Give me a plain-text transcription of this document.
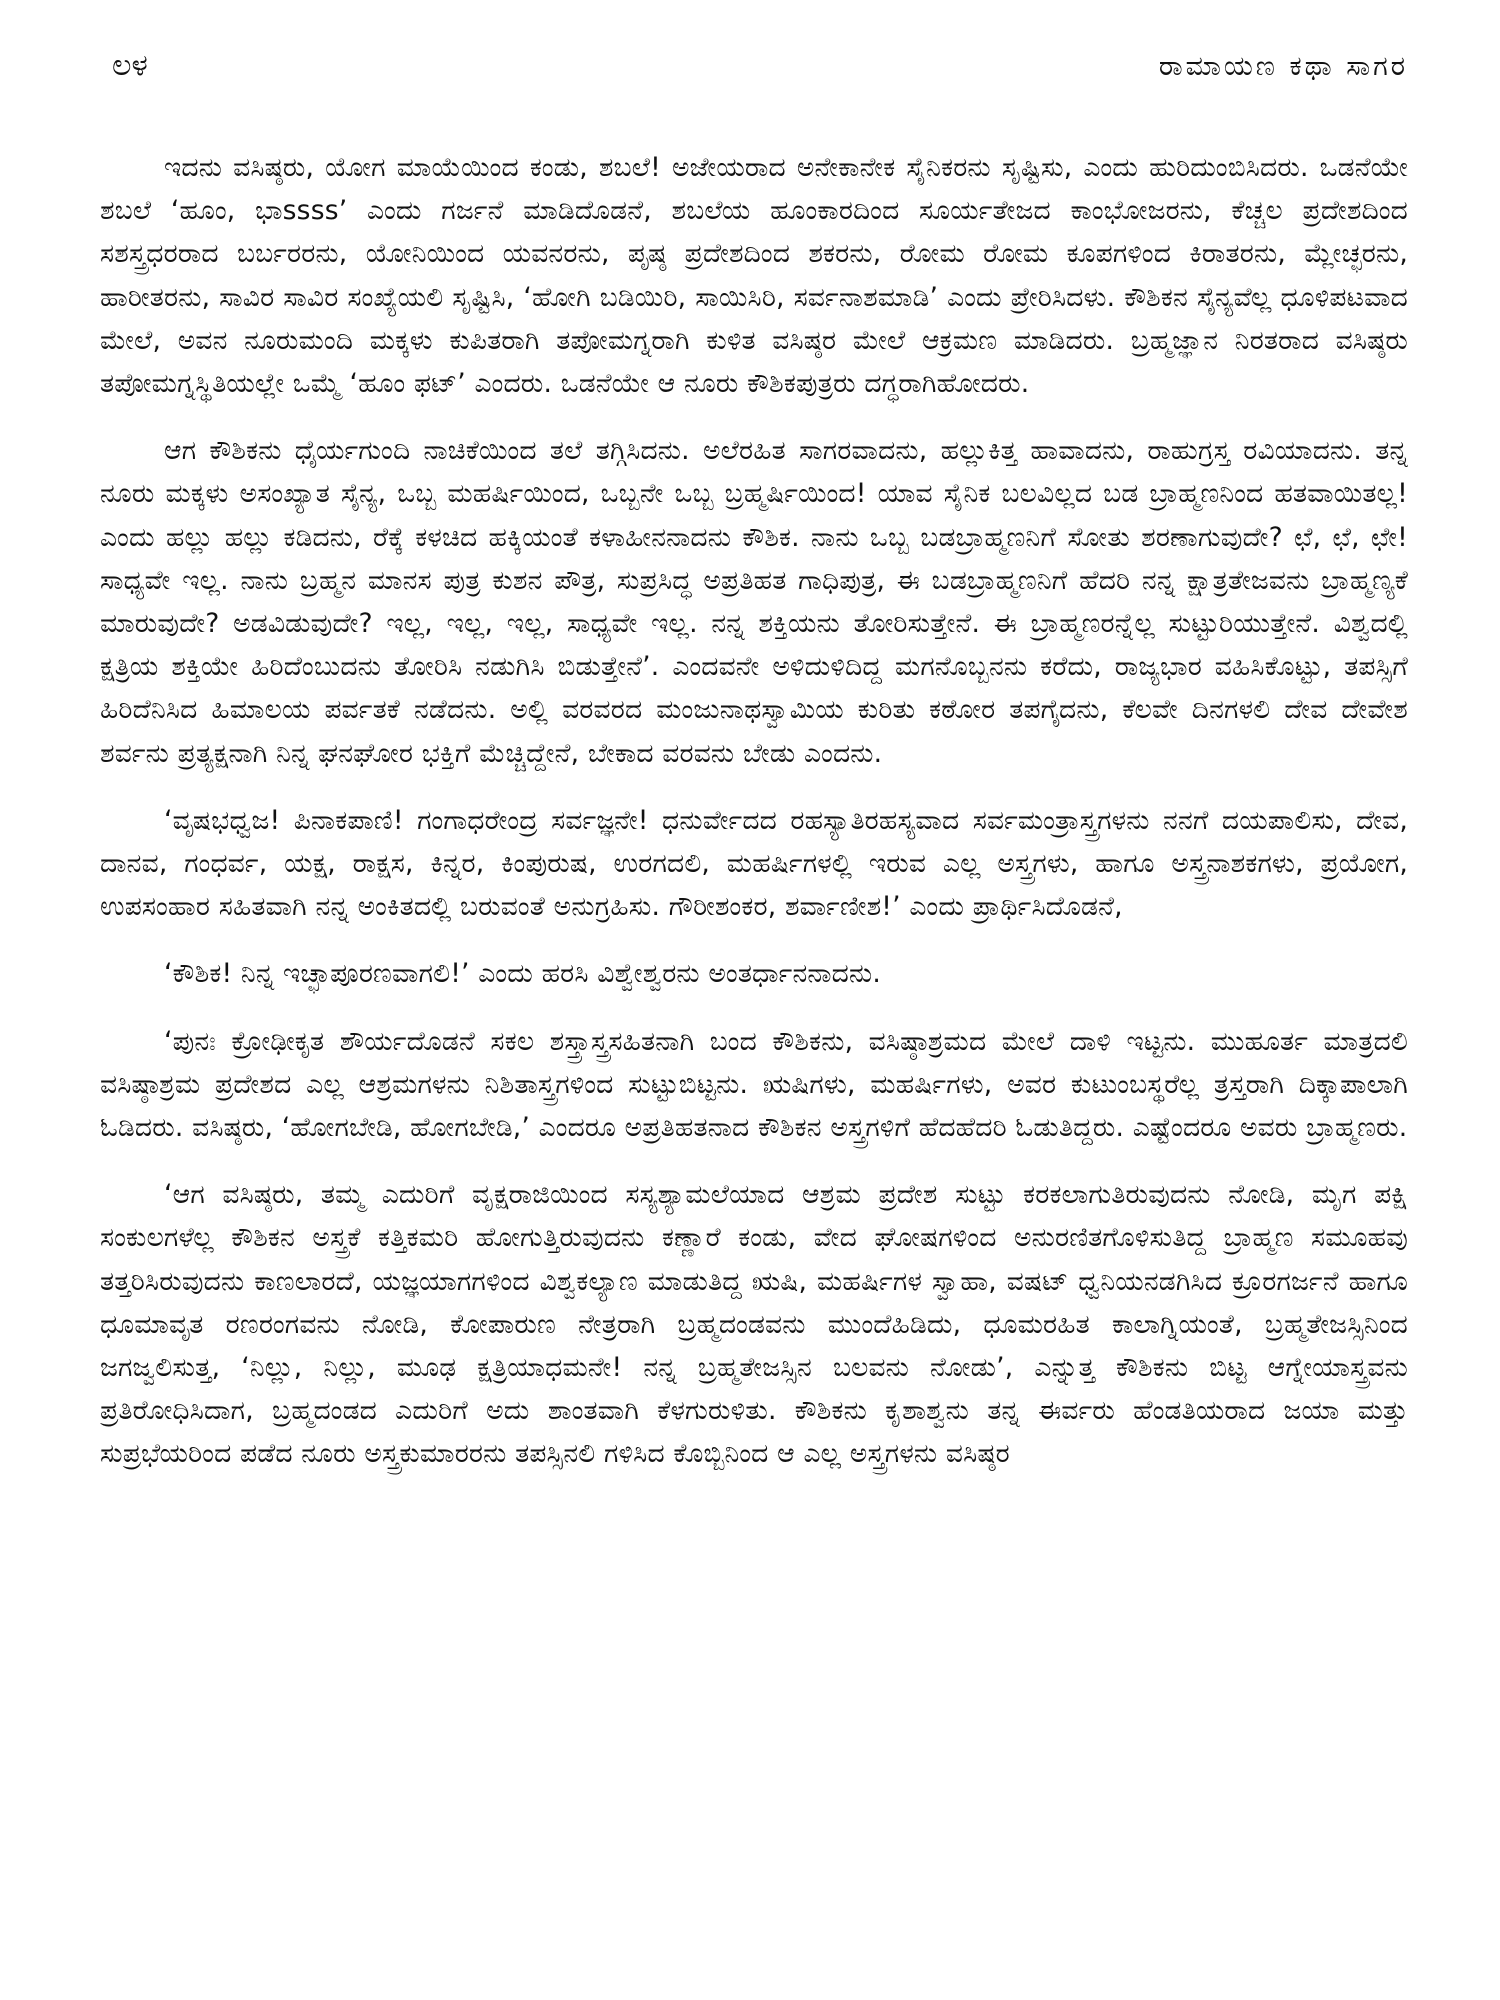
ಲಳ	ರಾಮಾಯಣ ಕಥಾ ಸಾಗರ

ಇದನು ವಸಿಷ್ಠರು, ಯೋಗ ಮಾಯೆಯಿಂದ ಕಂಡು, ಶಬಲೆ! ಅಜೇಯರಾದ ಅನೇಕಾನೇಕ ಸೈನಿಕರನು ಸೃಷ್ಟಿಸು, ಎಂದು ಹುರಿದುಂಬಿಸಿದರು. ಒಡನೆಯೇ ಶಬಲೆ ‘ಹೂಂ, ಭಾssss’ ಎಂದು ಗರ್ಜನೆ ಮಾಡಿದೊಡನೆ, ಶಬಲೆಯ ಹೂಂಕಾರದಿಂದ ಸೂರ್ಯತೇಜದ ಕಾಂಭೋಜರನು, ಕೆಚ್ಚಲ ಪ್ರದೇಶದಿಂದ ಸಶಸ್ತ್ರಧರರಾದ ಬರ್ಬರರನು, ಯೋನಿಯಿಂದ ಯವನರನು, ಪೃಷ್ಠ ಪ್ರದೇಶದಿಂದ ಶಕರನು, ರೋಮ ರೋಮ ಕೂಪಗಳಿಂದ ಕಿರಾತರನು, ಮ್ಲೇಚ್ಛರನು, ಹಾರೀತರನು, ಸಾವಿರ ಸಾವಿರ ಸಂಖ್ಯೆಯಲಿ ಸೃಷ್ಟಿಸಿ, ‘ಹೋಗಿ ಬಡಿಯಿರಿ, ಸಾಯಿಸಿರಿ, ಸರ್ವನಾಶಮಾಡಿ’ ಎಂದು ಪ್ರೇರಿಸಿದಳು. ಕೌಶಿಕನ ಸೈನ್ಯವೆಲ್ಲ ಧೂಳಿಪಟವಾದ ಮೇಲೆ, ಅವನ ನೂರುಮಂದಿ ಮಕ್ಕಳು ಕುಪಿತರಾಗಿ ತಪೋಮಗ್ನರಾಗಿ ಕುಳಿತ ವಸಿಷ್ಠರ ಮೇಲೆ ಆಕ್ರಮಣ ಮಾಡಿದರು. ಬ್ರಹ್ಮಜ್ಞಾನ ನಿರತರಾದ ವಸಿಷ್ಠರು ತಪೋಮಗ್ನಸ್ಥಿತಿಯಲ್ಲೇ ಒಮ್ಮೆ ‘ಹೂಂ ಫಟ್’ ಎಂದರು. ಒಡನೆಯೇ ಆ ನೂರು ಕೌಶಿಕಪುತ್ರರು ದಗ್ಧರಾಗಿಹೋದರು.

ಆಗ ಕೌಶಿಕನು ಧೈರ್ಯಗುಂದಿ ನಾಚಿಕೆಯಿಂದ ತಲೆ ತಗ್ಗಿಸಿದನು. ಅಲೆರಹಿತ ಸಾಗರವಾದನು, ಹಲ್ಲುಕಿತ್ತ ಹಾವಾದನು, ರಾಹುಗ್ರಸ್ತ ರವಿಯಾದನು. ತನ್ನ ನೂರು ಮಕ್ಕಳು ಅಸಂಖ್ಯಾತ ಸೈನ್ಯ, ಒಬ್ಬ ಮಹರ್ಷಿಯಿಂದ, ಒಬ್ಬನೇ ಒಬ್ಬ ಬ್ರಹ್ಮರ್ಷಿಯಿಂದ! ಯಾವ ಸೈನಿಕ ಬಲವಿಲ್ಲದ ಬಡ ಬ್ರಾಹ್ಮಣನಿಂದ ಹತವಾಯಿತಲ್ಲ! ಎಂದು ಹಲ್ಲು ಹಲ್ಲು ಕಡಿದನು, ರೆಕ್ಕೆ ಕಳಚಿದ ಹಕ್ಕಿಯಂತೆ ಕಳಾಹೀನನಾದನು ಕೌಶಿಕ. ನಾನು ಒಬ್ಬ ಬಡಬ್ರಾಹ್ಮಣನಿಗೆ ಸೋತು ಶರಣಾಗುವುದೇ? ಛೆ, ಛೆ, ಛೇ! ಸಾಧ್ಯವೇ ಇಲ್ಲ. ನಾನು ಬ್ರಹ್ಮನ ಮಾನಸ ಪುತ್ರ ಕುಶನ ಪೌತ್ರ, ಸುಪ್ರಸಿದ್ಧ ಅಪ್ರತಿಹತ ಗಾಧಿಪುತ್ರ, ಈ ಬಡಬ್ರಾಹ್ಮಣನಿಗೆ ಹೆದರಿ ನನ್ನ ಕ್ಷಾತ್ರತೇಜವನು ಬ್ರಾಹ್ಮಣ್ಯಕೆ ಮಾರುವುದೇ? ಅಡವಿಡುವುದೇ? ಇಲ್ಲ, ಇಲ್ಲ, ಇಲ್ಲ, ಸಾಧ್ಯವೇ ಇಲ್ಲ. ನನ್ನ ಶಕ್ತಿಯನು ತೋರಿಸುತ್ತೇನೆ. ಈ ಬ್ರಾಹ್ಮಣರನ್ನೆಲ್ಲ ಸುಟ್ಟುರಿಯುತ್ತೇನೆ. ವಿಶ್ವದಲ್ಲಿ ಕ್ಷತ್ರಿಯ ಶಕ್ತಿಯೇ ಹಿರಿದೆಂಬುದನು ತೋರಿಸಿ ನಡುಗಿಸಿ ಬಿಡುತ್ತೇನೆ’. ಎಂದವನೇ ಅಳಿದುಳಿದಿದ್ದ ಮಗನೊಬ್ಬನನು ಕರೆದು, ರಾಜ್ಯಭಾರ ವಹಿಸಿಕೊಟ್ಟು, ತಪಸ್ಸಿಗೆ ಹಿರಿದೆನಿಸಿದ ಹಿಮಾಲಯ ಪರ್ವತಕೆ ನಡೆದನು. ಅಲ್ಲಿ ವರವರದ ಮಂಜುನಾಥಸ್ವಾಮಿಯ ಕುರಿತು ಕಠೋರ ತಪಗೈದನು, ಕೆಲವೇ ದಿನಗಳಲಿ ದೇವ ದೇವೇಶ ಶರ್ವನು ಪ್ರತ್ಯಕ್ಷನಾಗಿ ನಿನ್ನ ಘನಘೋರ ಭಕ್ತಿಗೆ ಮೆಚ್ಚಿದ್ದೇನೆ, ಬೇಕಾದ ವರವನು ಬೇಡು ಎಂದನು.

‘ವೃಷಭಧ್ವಜ! ಪಿನಾಕಪಾಣಿ! ಗಂಗಾಧರೇಂದ್ರ ಸರ್ವಜ್ಞನೇ! ಧನುರ್ವೇದದ ರಹಸ್ಯಾತಿರಹಸ್ಯವಾದ ಸರ್ವಮಂತ್ರಾಸ್ತ್ರಗಳನು ನನಗೆ ದಯಪಾಲಿಸು, ದೇವ, ದಾನವ, ಗಂಧರ್ವ, ಯಕ್ಷ, ರಾಕ್ಷಸ, ಕಿನ್ನರ, ಕಿಂಪುರುಷ, ಉರಗದಲಿ, ಮಹರ್ಷಿಗಳಲ್ಲಿ ಇರುವ ಎಲ್ಲ ಅಸ್ತ್ರಗಳು, ಹಾಗೂ ಅಸ್ತ್ರನಾಶಕಗಳು, ಪ್ರಯೋಗ, ಉಪಸಂಹಾರ ಸಹಿತವಾಗಿ ನನ್ನ ಅಂಕಿತದಲ್ಲಿ ಬರುವಂತೆ ಅನುಗ್ರಹಿಸು. ಗೌರೀಶಂಕರ, ಶರ್ವಾಣೀಶ!’ ಎಂದು ಪ್ರಾರ್ಥಿಸಿದೊಡನೆ,

‘ಕೌಶಿಕ! ನಿನ್ನ ಇಚ್ಛಾಪೂರಣವಾಗಲಿ!’ ಎಂದು ಹರಸಿ ವಿಶ್ವೇಶ್ವರನು ಅಂತರ್ಧಾನನಾದನು.

‘ಪುನಃ ಕ್ರೋಢೀಕೃತ ಶೌರ್ಯದೊಡನೆ ಸಕಲ ಶಸ್ತ್ರಾಸ್ತ್ರಸಹಿತನಾಗಿ ಬಂದ ಕೌಶಿಕನು, ವಸಿಷ್ಠಾಶ್ರಮದ ಮೇಲೆ ದಾಳಿ ಇಟ್ಟನು. ಮುಹೂರ್ತ ಮಾತ್ರದಲಿ ವಸಿಷ್ಠಾಶ್ರಮ ಪ್ರದೇಶದ ಎಲ್ಲ ಆಶ್ರಮಗಳನು ನಿಶಿತಾಸ್ತ್ರಗಳಿಂದ ಸುಟ್ಟುಬಿಟ್ಟನು. ಋಷಿಗಳು, ಮಹರ್ಷಿಗಳು, ಅವರ ಕುಟುಂಬಸ್ಥರೆಲ್ಲ ತ್ರಸ್ತರಾಗಿ ದಿಕ್ಕಾಪಾಲಾಗಿ ಓಡಿದರು. ವಸಿಷ್ಠರು, ‘ಹೋಗಬೇಡಿ, ಹೋಗಬೇಡಿ,’ ಎಂದರೂ ಅಪ್ರತಿಹತನಾದ ಕೌಶಿಕನ ಅಸ್ತ್ರಗಳಿಗೆ ಹೆದಹೆದರಿ ಓಡುತಿದ್ದರು. ಎಷ್ಟೆಂದರೂ ಅವರು ಬ್ರಾಹ್ಮಣರು.

‘ಆಗ ವಸಿಷ್ಠರು, ತಮ್ಮ ಎದುರಿಗೆ ವೃಕ್ಷರಾಜಿಯಿಂದ ಸಸ್ಯಶ್ಯಾಮಲೆಯಾದ ಆಶ್ರಮ ಪ್ರದೇಶ ಸುಟ್ಟು ಕರಕಲಾಗುತಿರುವುದನು ನೋಡಿ, ಮೃಗ ಪಕ್ಷಿ ಸಂಕುಲಗಳೆಲ್ಲ ಕೌಶಿಕನ ಅಸ್ತ್ರಕೆ ಕತ್ತಿಕಮರಿ ಹೋಗುತ್ತಿರುವುದನು ಕಣ್ಣಾರೆ ಕಂಡು, ವೇದ ಘೋಷಗಳಿಂದ ಅನುರಣಿತಗೊಳಿಸುತಿದ್ದ ಬ್ರಾಹ್ಮಣ ಸಮೂಹವು ತತ್ತರಿಸಿರುವುದನು ಕಾಣಲಾರದೆ, ಯಜ್ಞಯಾಗಗಳಿಂದ ವಿಶ್ವಕಲ್ಯಾಣ ಮಾಡುತಿದ್ದ ಋಷಿ, ಮಹರ್ಷಿಗಳ ಸ್ವಾಹಾ, ವಷಟ್ ಧ್ವನಿಯನಡಗಿಸಿದ ಕ್ರೂರಗರ್ಜನೆ ಹಾಗೂ ಧೂಮಾವೃತ ರಣರಂಗವನು ನೋಡಿ, ಕೋಪಾರುಣ ನೇತ್ರರಾಗಿ ಬ್ರಹ್ಮದಂಡವನು ಮುಂದೆಹಿಡಿದು, ಧೂಮರಹಿತ ಕಾಲಾಗ್ನಿಯಂತೆ, ಬ್ರಹ್ಮತೇಜಸ್ಸಿನಿಂದ ಜಗಜ್ವಲಿಸುತ್ತ, ‘ನಿಲ್ಲು, ನಿಲ್ಲು, ಮೂಢ ಕ್ಷತ್ರಿಯಾಧಮನೇ! ನನ್ನ ಬ್ರಹ್ಮತೇಜಸ್ಸಿನ ಬಲವನು ನೋಡು’, ಎನ್ನುತ್ತ ಕೌಶಿಕನು ಬಿಟ್ಟ ಆಗ್ನೇಯಾಸ್ತ್ರವನು ಪ್ರತಿರೋಧಿಸಿದಾಗ, ಬ್ರಹ್ಮದಂಡದ ಎದುರಿಗೆ ಅದು ಶಾಂತವಾಗಿ ಕೆಳಗುರುಳಿತು. ಕೌಶಿಕನು ಕೃಶಾಶ್ವನು ತನ್ನ ಈರ್ವರು ಹೆಂಡತಿಯರಾದ ಜಯಾ ಮತ್ತು ಸುಪ್ರಭೆಯರಿಂದ ಪಡೆದ ನೂರು ಅಸ್ತ್ರಕುಮಾರರನು ತಪಸ್ಸಿನಲಿ ಗಳಿಸಿದ ಕೊಬ್ಬಿನಿಂದ ಆ ಎಲ್ಲ ಅಸ್ತ್ರಗಳನು ವಸಿಷ್ಠರ
